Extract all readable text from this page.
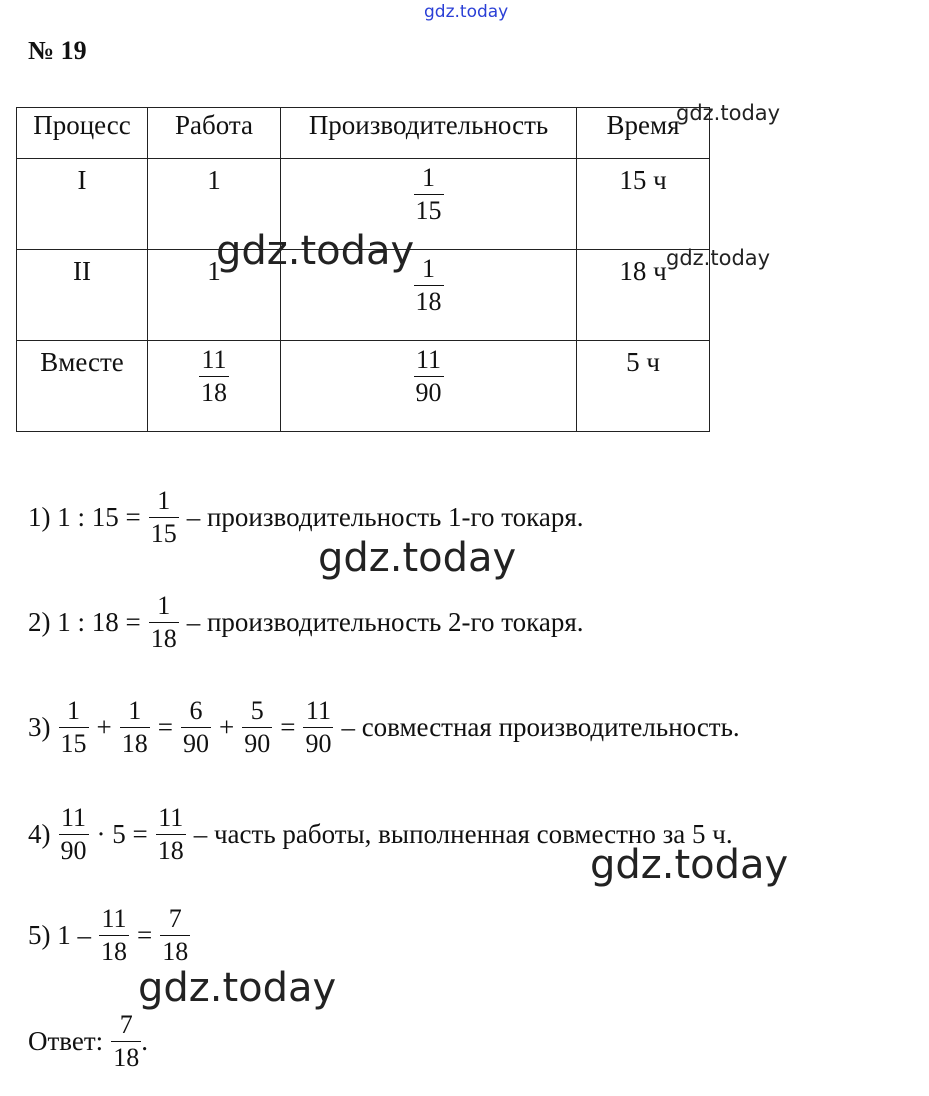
gdz.today
gdz.today
gdz.today
gdz.today
gdz.today
gdz.today
gdz.today
№ 19
Процесс	Работа	Производительность	Время
I	1	$\frac{1}{15}$	15 ч
II	1	$\frac{1}{18}$	18 ч
Вместе	$\frac{11}{18}$	$\frac{11}{90}$	5 ч
1) 1 : $15 = \frac{1}{15}$ – производительность 1-го токаря.
2) 1 : $18 = \frac{1}{18}$ – производительность 2-го токаря.
$3) \frac{1}{15} + \frac{1}{18} = \frac{6}{90} + \frac{5}{90} = \frac{11}{90}$ – совместная производительность.
$4) \frac{11}{90} \cdot 5 = \frac{11}{18}$ – часть работы, выполненная совместно за 5 ч.
5) $1 - \frac{11}{18} = \frac{7}{18}$
Ответ: $\frac{7}{18}$ .
